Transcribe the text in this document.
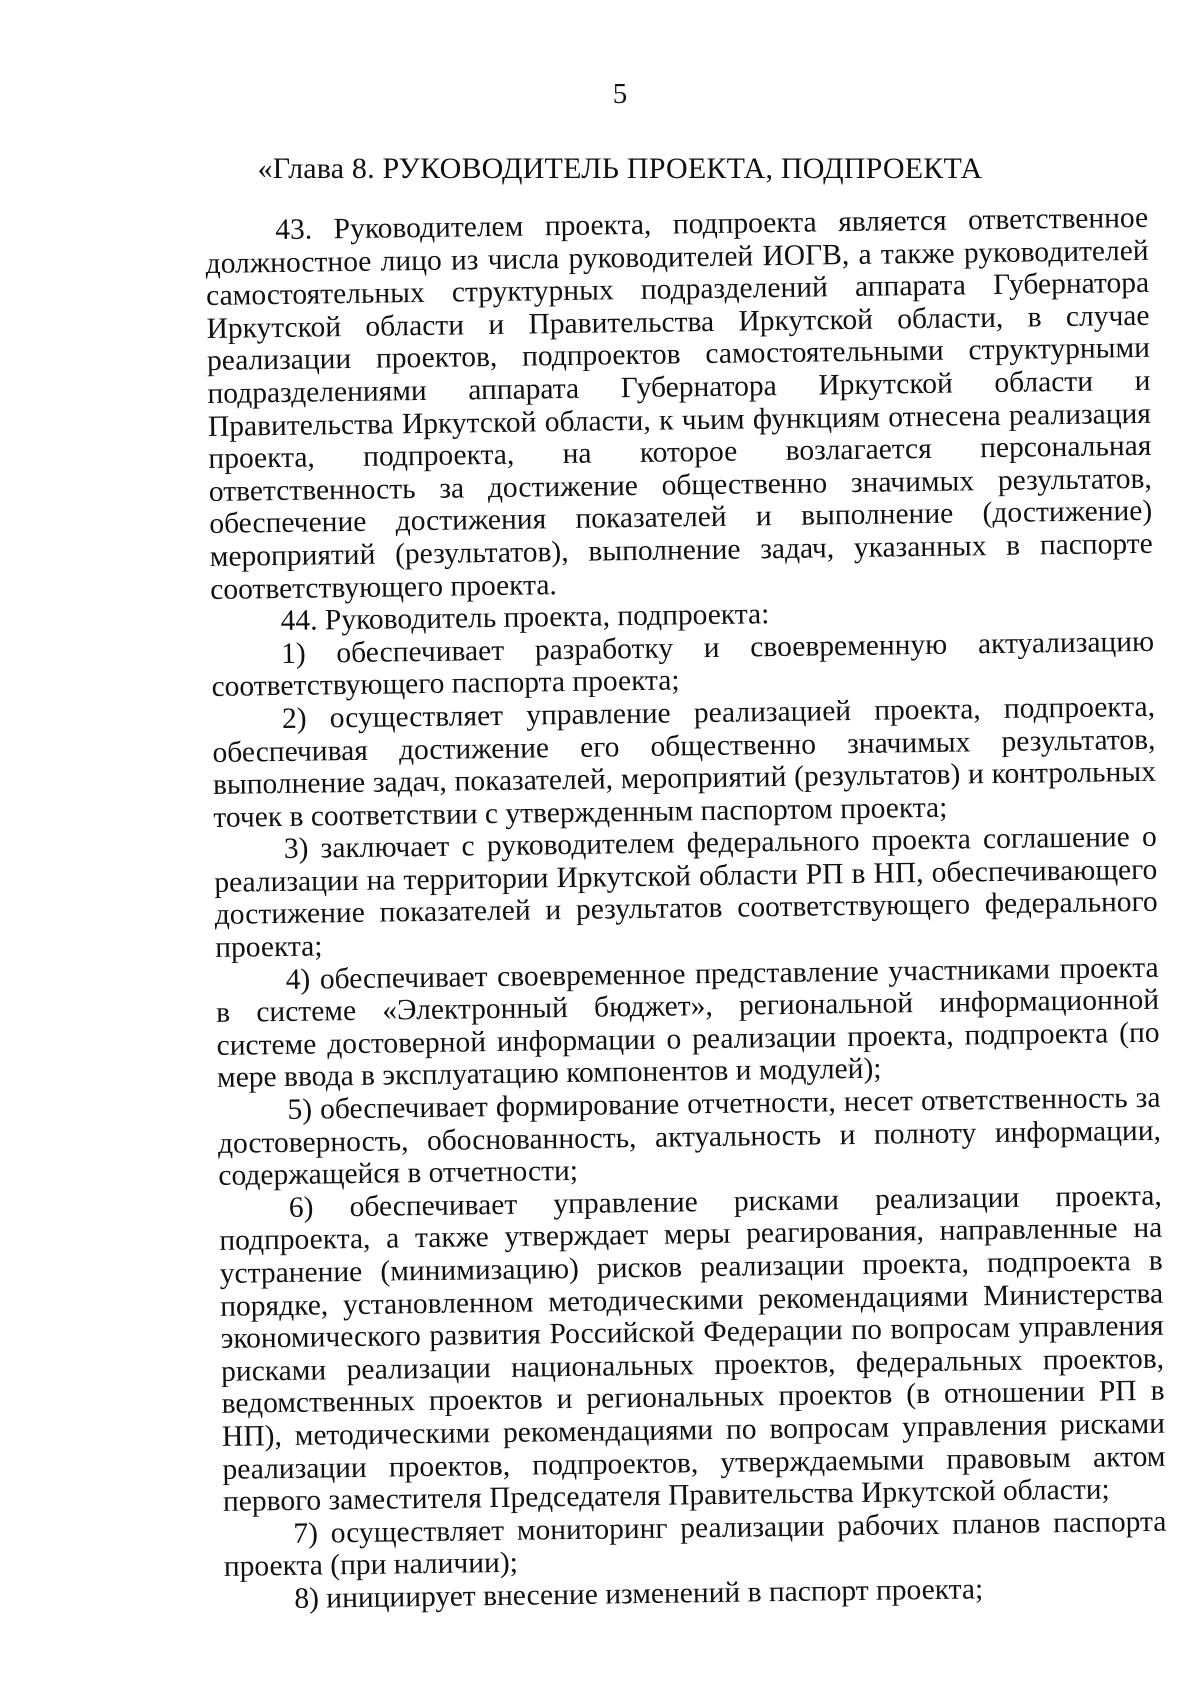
5
«Глава 8. РУКОВОДИТЕЛЬ ПРОЕКТА, ПОДПРОЕКТА

43. Руководителем проекта, подпроекта является ответственное должностное лицо из числа руководителей ИОГВ, а также руководителей самостоятельных структурных подразделений аппарата Губернатора Иркутской области и Правительства Иркутской области, в случае реализации проектов, подпроектов самостоятельными структурными подразделениями аппарата Губернатора Иркутской области и Правительства Иркутской области, к чьим функциям отнесена реализация проекта, подпроекта, на которое возлагается персональная ответственность за достижение общественно значимых результатов, обеспечение достижения показателей и выполнение (достижение) мероприятий (результатов), выполнение задач, указанных в паспорте соответствующего проекта.

44. Руководитель проекта, подпроекта:

1) обеспечивает разработку и своевременную актуализацию соответствующего паспорта проекта;

2) осуществляет управление реализацией проекта, подпроекта, обеспечивая достижение его общественно значимых результатов, выполнение задач, показателей, мероприятий (результатов) и контрольных точек в соответствии с утвержденным паспортом проекта;

3) заключает с руководителем федерального проекта соглашение о реализации на территории Иркутской области РП в НП, обеспечивающего достижение показателей и результатов соответствующего федерального проекта;

4) обеспечивает своевременное представление участниками проекта в системе «Электронный бюджет», региональной информационной системе достоверной информации о реализации проекта, подпроекта (по мере ввода в эксплуатацию компонентов и модулей);

5) обеспечивает формирование отчетности, несет ответственность за достоверность, обоснованность, актуальность и полноту информации, содержащейся в отчетности;

6) обеспечивает управление рисками реализации проекта, подпроекта, а также утверждает меры реагирования, направленные на устранение (минимизацию) рисков реализации проекта, подпроекта в порядке, установленном методическими рекомендациями Министерства экономического развития Российской Федерации по вопросам управления рисками реализации национальных проектов, федеральных проектов, ведомственных проектов и региональных проектов (в отношении РП в НП), методическими рекомендациями по вопросам управления рисками реализации проектов, подпроектов, утверждаемыми правовым актом первого заместителя Председателя Правительства Иркутской области;

7) осуществляет мониторинг реализации рабочих планов паспорта проекта (при наличии);

8) инициирует внесение изменений в паспорт проекта;
